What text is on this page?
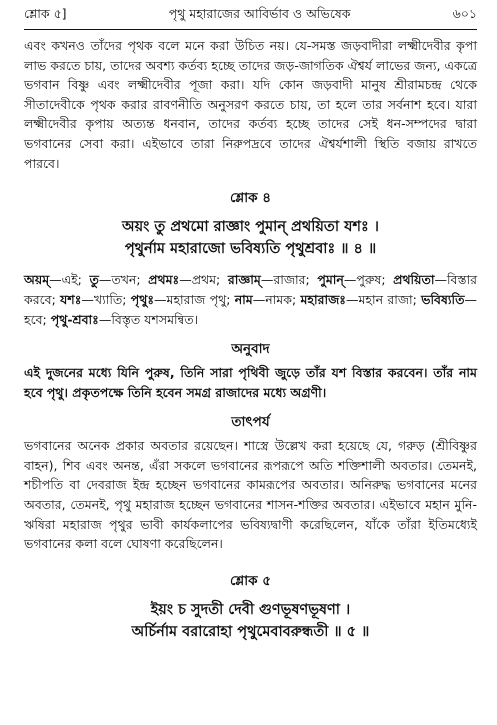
শ্লোক ৫]	পৃথু মহারাজের আবির্ভাব ও অভিষেক	৬০১

এবং কখনও তাঁদের পৃথক বলে মনে করা উচিত নয়। যে-সমস্ত জড়বাদীরা লক্ষ্মীদেবীর কৃপা লাভ করতে চায়, তাদের অবশ্য কর্তব্য হচ্ছে তাদের জড়-জাগতিক ঐশ্বর্য লাভের জন্য, একত্রে ভগবান বিষ্ণু এবং লক্ষ্মীদেবীর পূজা করা। যদি কোন জড়বাদী মানুষ শ্রীরামচন্দ্র থেকে সীতাদেবীকে পৃথক করার রাবণনীতি অনুসরণ করতে চায়, তা হলে তার সর্বনাশ হবে। যারা লক্ষ্মীদেবীর কৃপায় অত্যন্ত ধনবান, তাদের কর্তব্য হচ্ছে তাদের সেই ধন-সম্পদের দ্বারা ভগবানের সেবা করা। এইভাবে তারা নিরুপদ্রবে তাদের ঐশ্বর্যশালী স্থিতি বজায় রাখতে পারবে।

শ্লোক ৪
অয়ং তু প্রথমো রাজ্ঞাং পুমান্ প্রথয়িতা যশঃ ।
পৃথুর্নাম মহারাজো ভবিষ্যতি পৃথুশ্রবাঃ ॥ ৪ ॥
অয়ম্—এই; তু—তখন; প্রথমঃ—প্রথম; রাজ্ঞাম্—রাজার; পুমান্—পুরুষ; প্রথয়িতা—বিস্তার করবে; যশঃ—খ্যাতি; পৃথুঃ—মহারাজ পৃথু; নাম—নামক; মহারাজঃ—মহান রাজা; ভবিষ্যতি—হবে; পৃথু-শ্রবাঃ—বিস্তৃত যশসমন্বিত।
অনুবাদ
এই দুজনের মধ্যে যিনি পুরুষ, তিনি সারা পৃথিবী জুড়ে তাঁর যশ বিস্তার করবেন। তাঁর নাম হবে পৃথু। প্রকৃতপক্ষে তিনি হবেন সমগ্র রাজাদের মধ্যে অগ্রণী।
তাৎপর্য

ভগবানের অনেক প্রকার অবতার রয়েছেন। শাস্ত্রে উল্লেখ করা হয়েছে যে, গরুড় (শ্রীবিষ্ণুর বাহন), শিব এবং অনন্ত, এঁরা সকলে ভগবানের রূপরূপে অতি শক্তিশালী অবতার। তেমনই, শচীপতি বা দেবরাজ ইন্দ্র হচ্ছেন ভগবানের কামরূপের অবতার। অনিরুদ্ধ ভগবানের মনের অবতার, তেমনই, পৃথু মহারাজ হচ্ছেন ভগবানের শাসন-শক্তির অবতার। এইভাবে মহান মুনি-ঋষিরা মহারাজ পৃথুর ভাবী কার্যকলাপের ভবিষ্যদ্বাণী করেছিলেন, যাঁকে তাঁরা ইতিমধ্যেই ভগবানের কলা বলে ঘোষণা করেছিলেন।

শ্লোক ৫
ইয়ং চ সুদতী দেবী গুণভূষণভূষণা ।
অর্চির্নাম বরারোহা পৃথুমেবাবরুন্ধতী ॥ ৫ ॥
